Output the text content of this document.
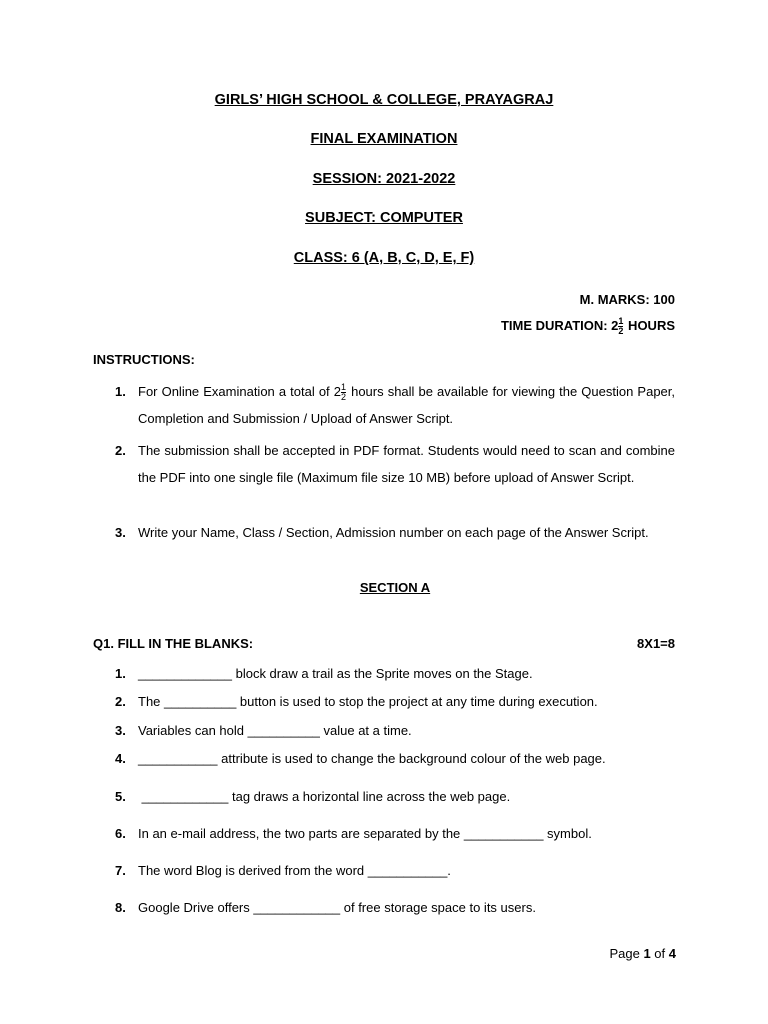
GIRLS’ HIGH SCHOOL & COLLEGE, PRAYAGRAJ
FINAL EXAMINATION
SESSION: 2021-2022
SUBJECT: COMPUTER
CLASS: 6 (A, B, C, D, E, F)
M. MARKS: 100
TIME DURATION: $2 \frac{1}{2}$ HOURS
INSTRUCTIONS:
1. For Online Examination a total of $2 \frac{1}{2}$ hours shall be available for viewing the Question Paper, Completion and Submission / Upload of Answer Script.
2. The submission shall be accepted in PDF format. Students would need to scan and combine the PDF into one single file (Maximum file size 10 MB) before upload of Answer Script.
3. Write your Name, Class / Section, Admission number on each page of the Answer Script.
SECTION A
Q1. FILL IN THE BLANKS:	8X1=8
1. _____________ block draw a trail as the Sprite moves on the Stage.
2. The __________ button is used to stop the project at any time during execution.
3. Variables can hold __________ value at a time.
4. ___________ attribute is used to change the background colour of the web page.
5. ____________ tag draws a horizontal line across the web page.
6. In an e-mail address, the two parts are separated by the ___________ symbol.
7. The word Blog is derived from the word ___________.
8. Google Drive offers ____________ of free storage space to its users.
Page 1 of 4
